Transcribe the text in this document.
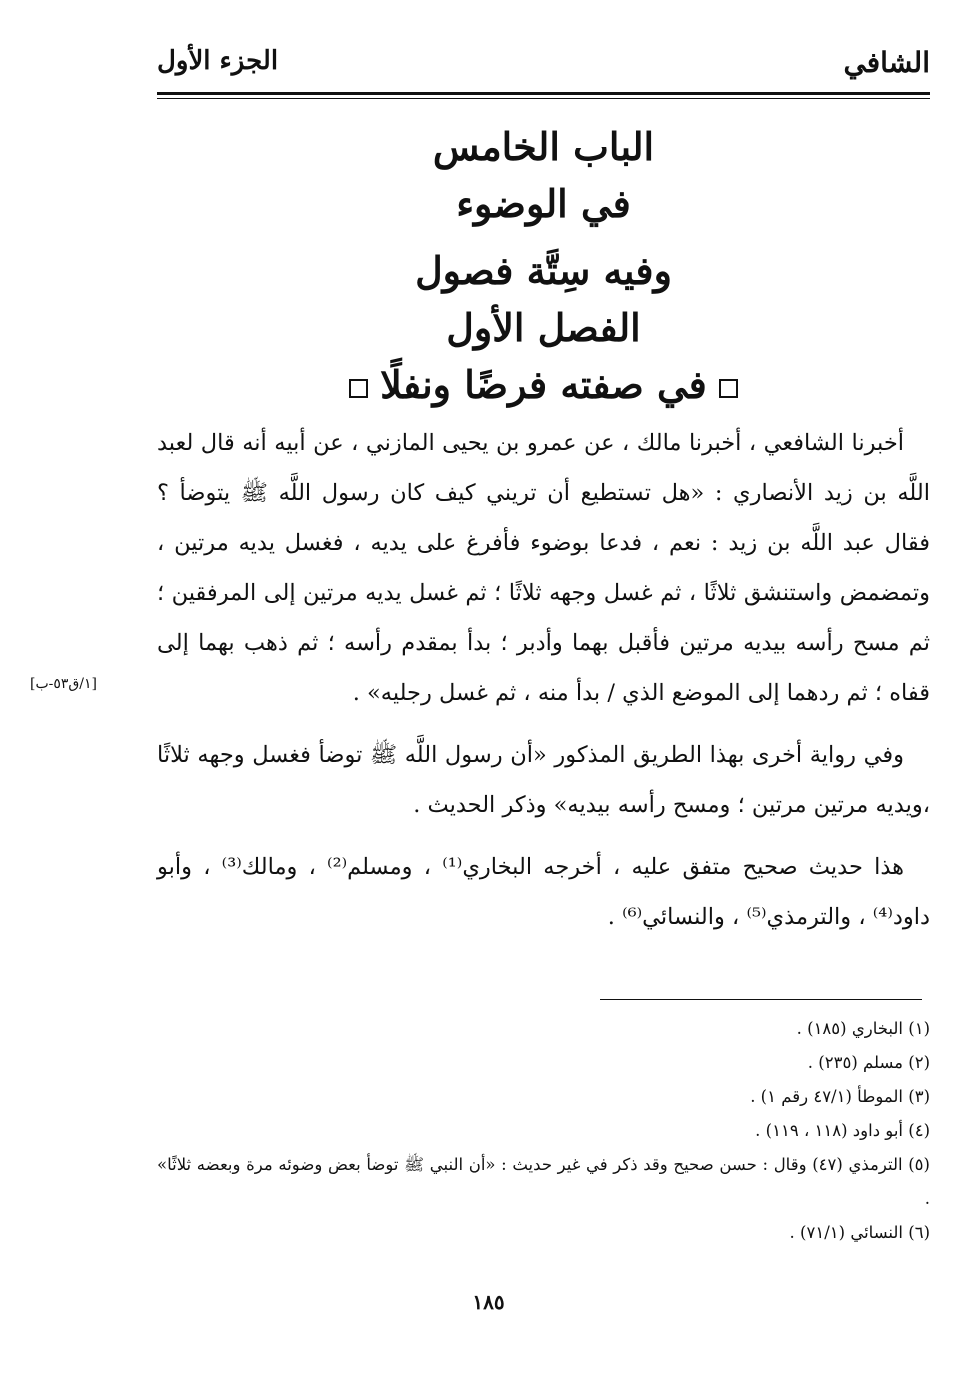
الشافي
الجزء الأول
الباب الخامس
في الوضوء
وفيه سِتَّة فصول
الفصل الأول
في صفته فرضًا ونفلًا

أخبرنا الشافعي ، أخبرنا مالك ، عن عمرو بن يحيى المازني ، عن أبيه أنه قال لعبد اللَّه بن زيد الأنصاري : «هل تستطيع أن تريني كيف كان رسول اللَّه ﷺ يتوضأ ؟ فقال عبد اللَّه بن زيد : نعم ، فدعا بوضوء فأفرغ على يديه ، فغسل يديه مرتين ، وتمضمض واستنشق ثلاثًا ، ثم غسل وجهه ثلاثًا ؛ ثم غسل يديه مرتين إلى المرفقين ؛ ثم مسح رأسه بيديه مرتين فأقبل بهما وأدبر ؛ بدأ بمقدم رأسه ؛ ثم ذهب بهما إلى قفاه ؛ ثم ردهما إلى الموضع الذي / بدأ منه ، ثم غسل رجليه» .

وفي رواية أخرى بهذا الطريق المذكور «أن رسول اللَّه ﷺ توضأ فغسل وجهه ثلاثًا ،ويديه مرتين مرتين ؛ ومسح رأسه بيديه» وذكر الحديث .

هذا حديث صحيح متفق عليه ، أخرجه البخاري⁽¹⁾ ، ومسلم⁽²⁾ ، ومالك⁽³⁾ ، وأبو داود⁽⁴⁾ ، والترمذي⁽⁵⁾ ، والنسائي⁽⁶⁾ .

[١/ق٥٣-ب]
(١) البخاري (١٨٥) .
(٢) مسلم (٢٣٥) .
(٣) الموطأ (٤٧/١ رقم ١) .
(٤) أبو داود (١١٨ ، ١١٩) .
(٥) الترمذي (٤٧) وقال : حسن صحيح وقد ذكر في غير حديث : «أن النبي ﷺ توضأ بعض وضوئه مرة وبعضه ثلاثًا» .
(٦) النسائي (٧١/١) .
١٨٥
